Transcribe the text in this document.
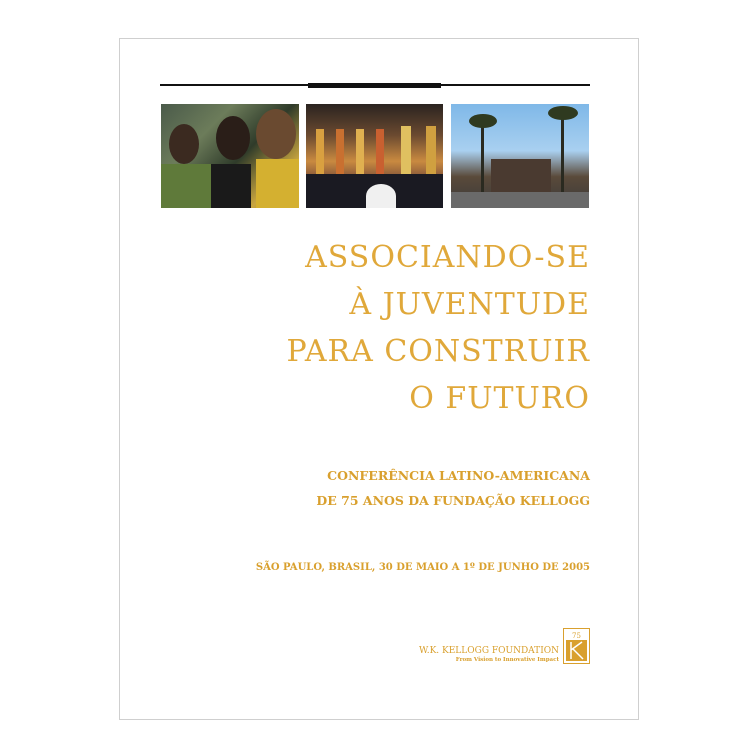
ASSOCIANDO-SE
À JUVENTUDE
PARA CONSTRUIR
O FUTURO
CONFERÊNCIA LATINO-AMERICANA
DE 75 ANOS DA FUNDAÇÃO KELLOGG
SÃO PAULO, BRASIL, 30 DE MAIO A 1º DE JUNHO DE 2005
W.K. KELLOGG FOUNDATION
From Vision to Innovative Impact
75
